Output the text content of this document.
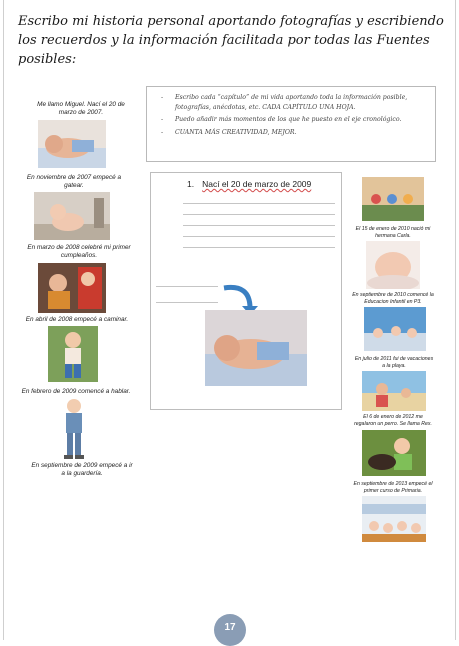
Escribo mi historia personal aportando fotografías y escribiendo los recuerdos y la información facilitada por todas las Fuentes posibles:
- Escribo cada “capítulo” de mi vida aportando toda la información posible, fotografías, anécdotas, etc. CADA CAPÍTULO UNA HOJA.
- Puedo añadir más momentos de los que he puesto en el eje cronológico.
- CUANTA MÁS CREATIVIDAD, MEJOR.
Me llamo Miguel. Nací el 20 de marzo de 2007.
En noviembre de 2007 empecé a gatear.
En marzo de 2008 celebré mi primer cumpleaños.
En abril de 2008 empecé a caminar.
En febrero de 2009 comencé a hablar.
En septiembre de 2009 empecé a ir a la guardería.
1. Nací el 20 de marzo de 2009
El 15 de enero de 2010 nació mi hermana Carla.
En septiembre de 2010 comencé la Educacion Infantil en P3.
En julio de 2011 fui de vacaciones a la playa.
El 6 de enero de 2012 me regalaron un perro. Se llama Rex.
En septiembre de 2013 empecé el primer curso de Primaria.
17
